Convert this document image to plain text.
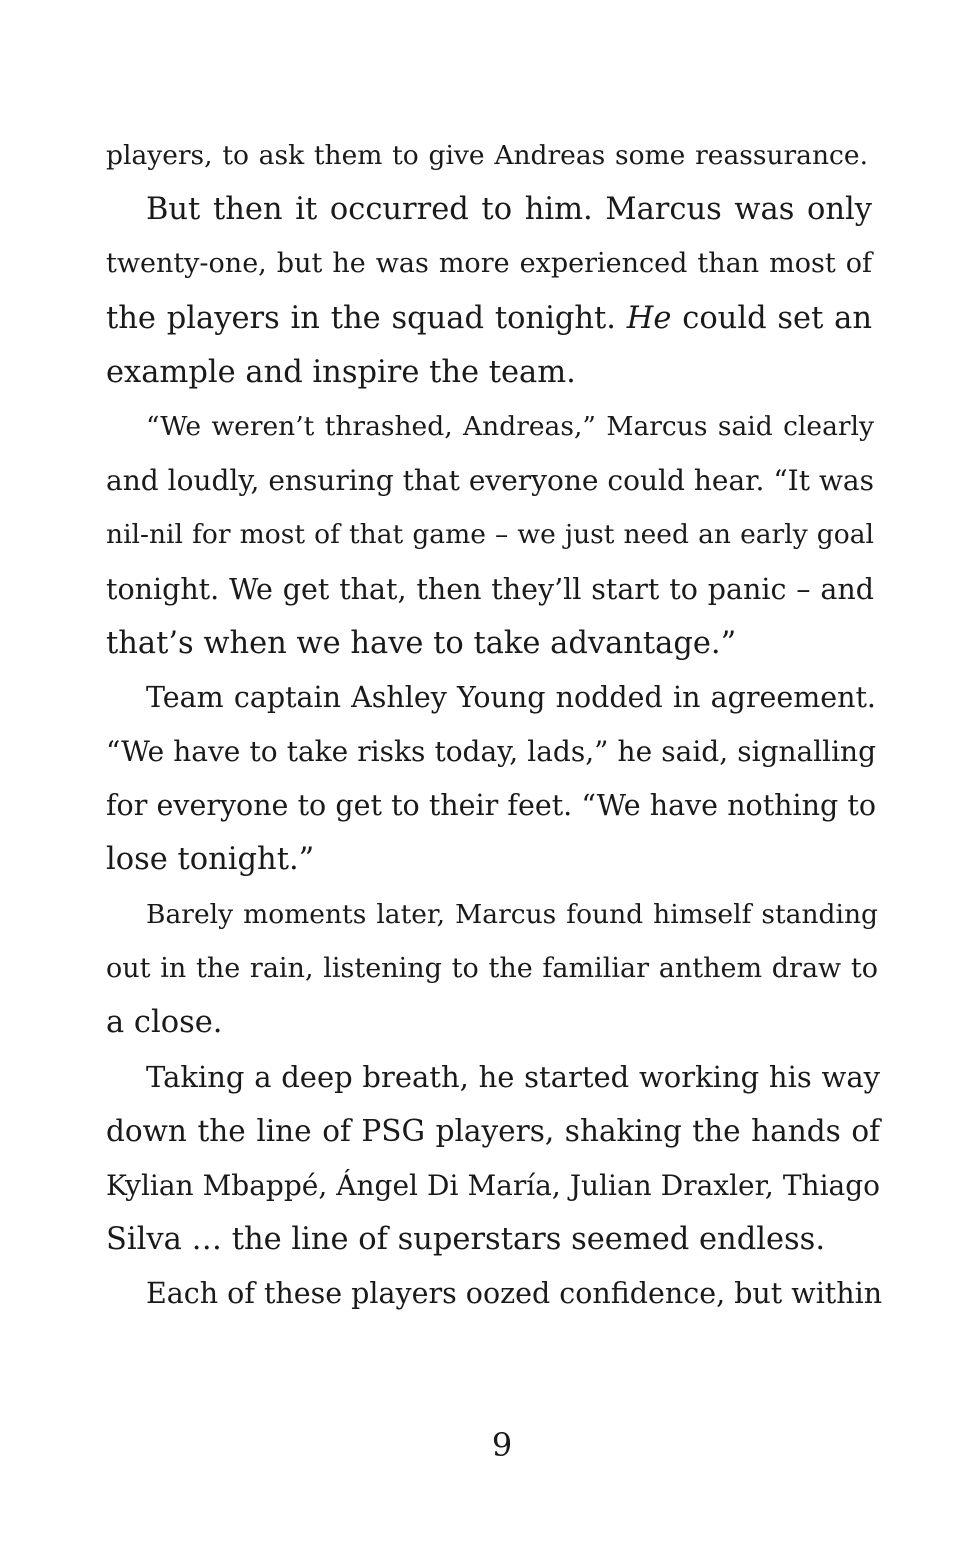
players, to ask them to give Andreas some reassurance.
But then it occurred to him. Marcus was only
twenty-one, but he was more experienced than most of
the players in the squad tonight. He could set an
example and inspire the team.
“We weren’t thrashed, Andreas,” Marcus said clearly
and loudly, ensuring that everyone could hear. “It was
nil-nil for most of that game – we just need an early goal
tonight. We get that, then they’ll start to panic – and
that’s when we have to take advantage.”
Team captain Ashley Young nodded in agreement.
“We have to take risks today, lads,” he said, signalling
for everyone to get to their feet. “We have nothing to
lose tonight.”
Barely moments later, Marcus found himself standing
out in the rain, listening to the familiar anthem draw to
a close.
Taking a deep breath, he started working his way
down the line of PSG players, shaking the hands of
Kylian Mbappé, Ángel Di María, Julian Draxler, Thiago
Silva … the line of superstars seemed endless.
Each of these players oozed confidence, but within
9
